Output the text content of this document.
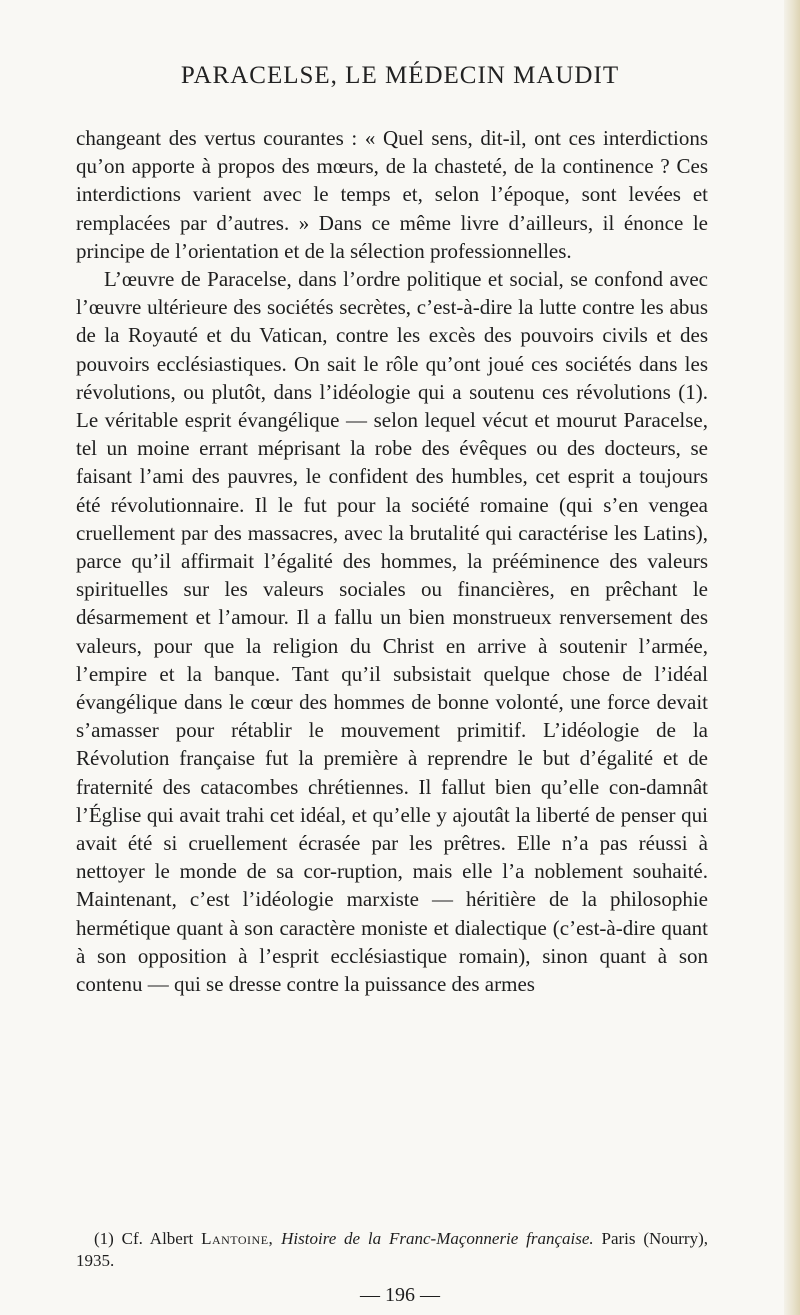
PARACELSE, LE MÉDECIN MAUDIT

changeant des vertus courantes : « Quel sens, dit-il, ont ces interdictions qu’on apporte à propos des mœurs, de la chasteté, de la continence ? Ces interdictions varient avec le temps et, selon l’époque, sont levées et remplacées par d’autres. » Dans ce même livre d’ailleurs, il énonce le principe de l’orientation et de la sélection professionnelles.

L’œuvre de Paracelse, dans l’ordre politique et social, se confond avec l’œuvre ultérieure des sociétés secrètes, c’est-à-dire la lutte contre les abus de la Royauté et du Vatican, contre les excès des pouvoirs civils et des pouvoirs ecclésiastiques. On sait le rôle qu’ont joué ces sociétés dans les révolutions, ou plutôt, dans l’idéologie qui a soutenu ces révolutions (1). Le véritable esprit évangélique — selon lequel vécut et mourut Paracelse, tel un moine errant méprisant la robe des évêques ou des docteurs, se faisant l’ami des pauvres, le confident des humbles, cet esprit a toujours été révolutionnaire. Il le fut pour la société romaine (qui s’en vengea cruellement par des massacres, avec la brutalité qui caractérise les Latins), parce qu’il affirmait l’égalité des hommes, la prééminence des valeurs spirituelles sur les valeurs sociales ou financières, en prêchant le désarmement et l’amour. Il a fallu un bien monstrueux renversement des valeurs, pour que la religion du Christ en arrive à soutenir l’armée, l’empire et la banque. Tant qu’il subsistait quelque chose de l’idéal évangélique dans le cœur des hommes de bonne volonté, une force devait s’amasser pour rétablir le mouvement primitif. L’idéologie de la Révolution française fut la première à reprendre le but d’égalité et de fraternité des catacombes chrétiennes. Il fallut bien qu’elle con-damnât l’Église qui avait trahi cet idéal, et qu’elle y ajoutât la liberté de penser qui avait été si cruellement écrasée par les prêtres. Elle n’a pas réussi à nettoyer le monde de sa cor-ruption, mais elle l’a noblement souhaité. Maintenant, c’est l’idéologie marxiste — héritière de la philosophie hermétique quant à son caractère moniste et dialectique (c’est-à-dire quant à son opposition à l’esprit ecclésiastique romain), sinon quant à son contenu — qui se dresse contre la puissance des armes

(1) Cf. Albert Lantoine, Histoire de la Franc-Maçonnerie française. Paris (Nourry), 1935.
— 196 —
